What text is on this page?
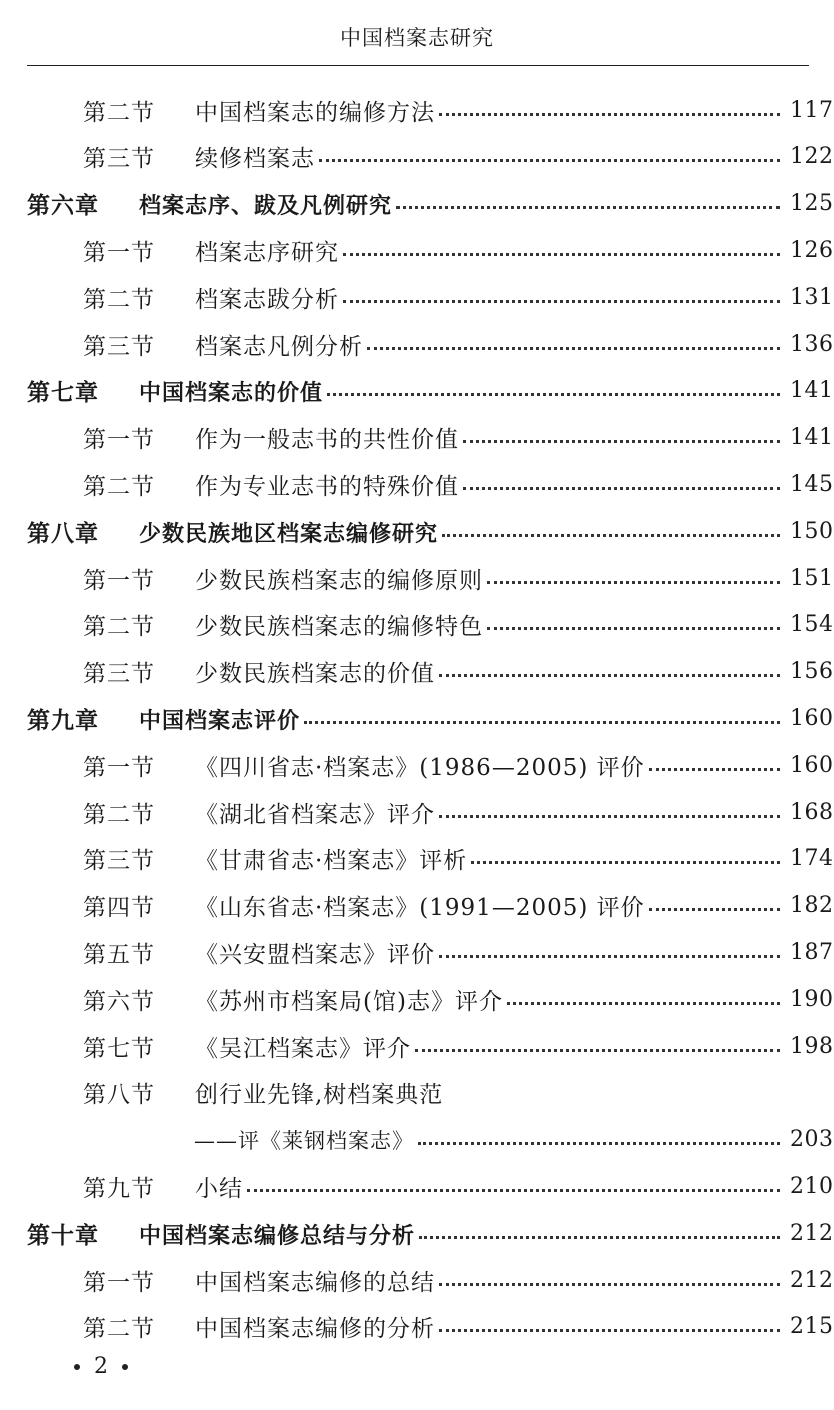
中国档案志研究
第二节 中国档案志的编修方法	117
第三节 续修档案志	122
第六章 档案志序、跋及凡例研究	125
第一节 档案志序研究	126
第二节 档案志跋分析	131
第三节 档案志凡例分析	136
第七章 中国档案志的价值	141
第一节 作为一般志书的共性价值	141
第二节 作为专业志书的特殊价值	145
第八章 少数民族地区档案志编修研究	150
第一节 少数民族档案志的编修原则	151
第二节 少数民族档案志的编修特色	154
第三节 少数民族档案志的价值	156
第九章 中国档案志评价	160
第一节 《四川省志·档案志》(1986—2005) 评价	160
第二节 《湖北省档案志》评介	168
第三节 《甘肃省志·档案志》评析	174
第四节 《山东省志·档案志》(1991—2005) 评价	182
第五节 《兴安盟档案志》评价	187
第六节 《苏州市档案局(馆)志》评介	190
第七节 《吴江档案志》评介	198
第八节 创行业先锋,树档案典范
——评《莱钢档案志》	203
第九节 小结	210
第十章 中国档案志编修总结与分析	212
第一节 中国档案志编修的总结	212
第二节 中国档案志编修的分析	215
2
